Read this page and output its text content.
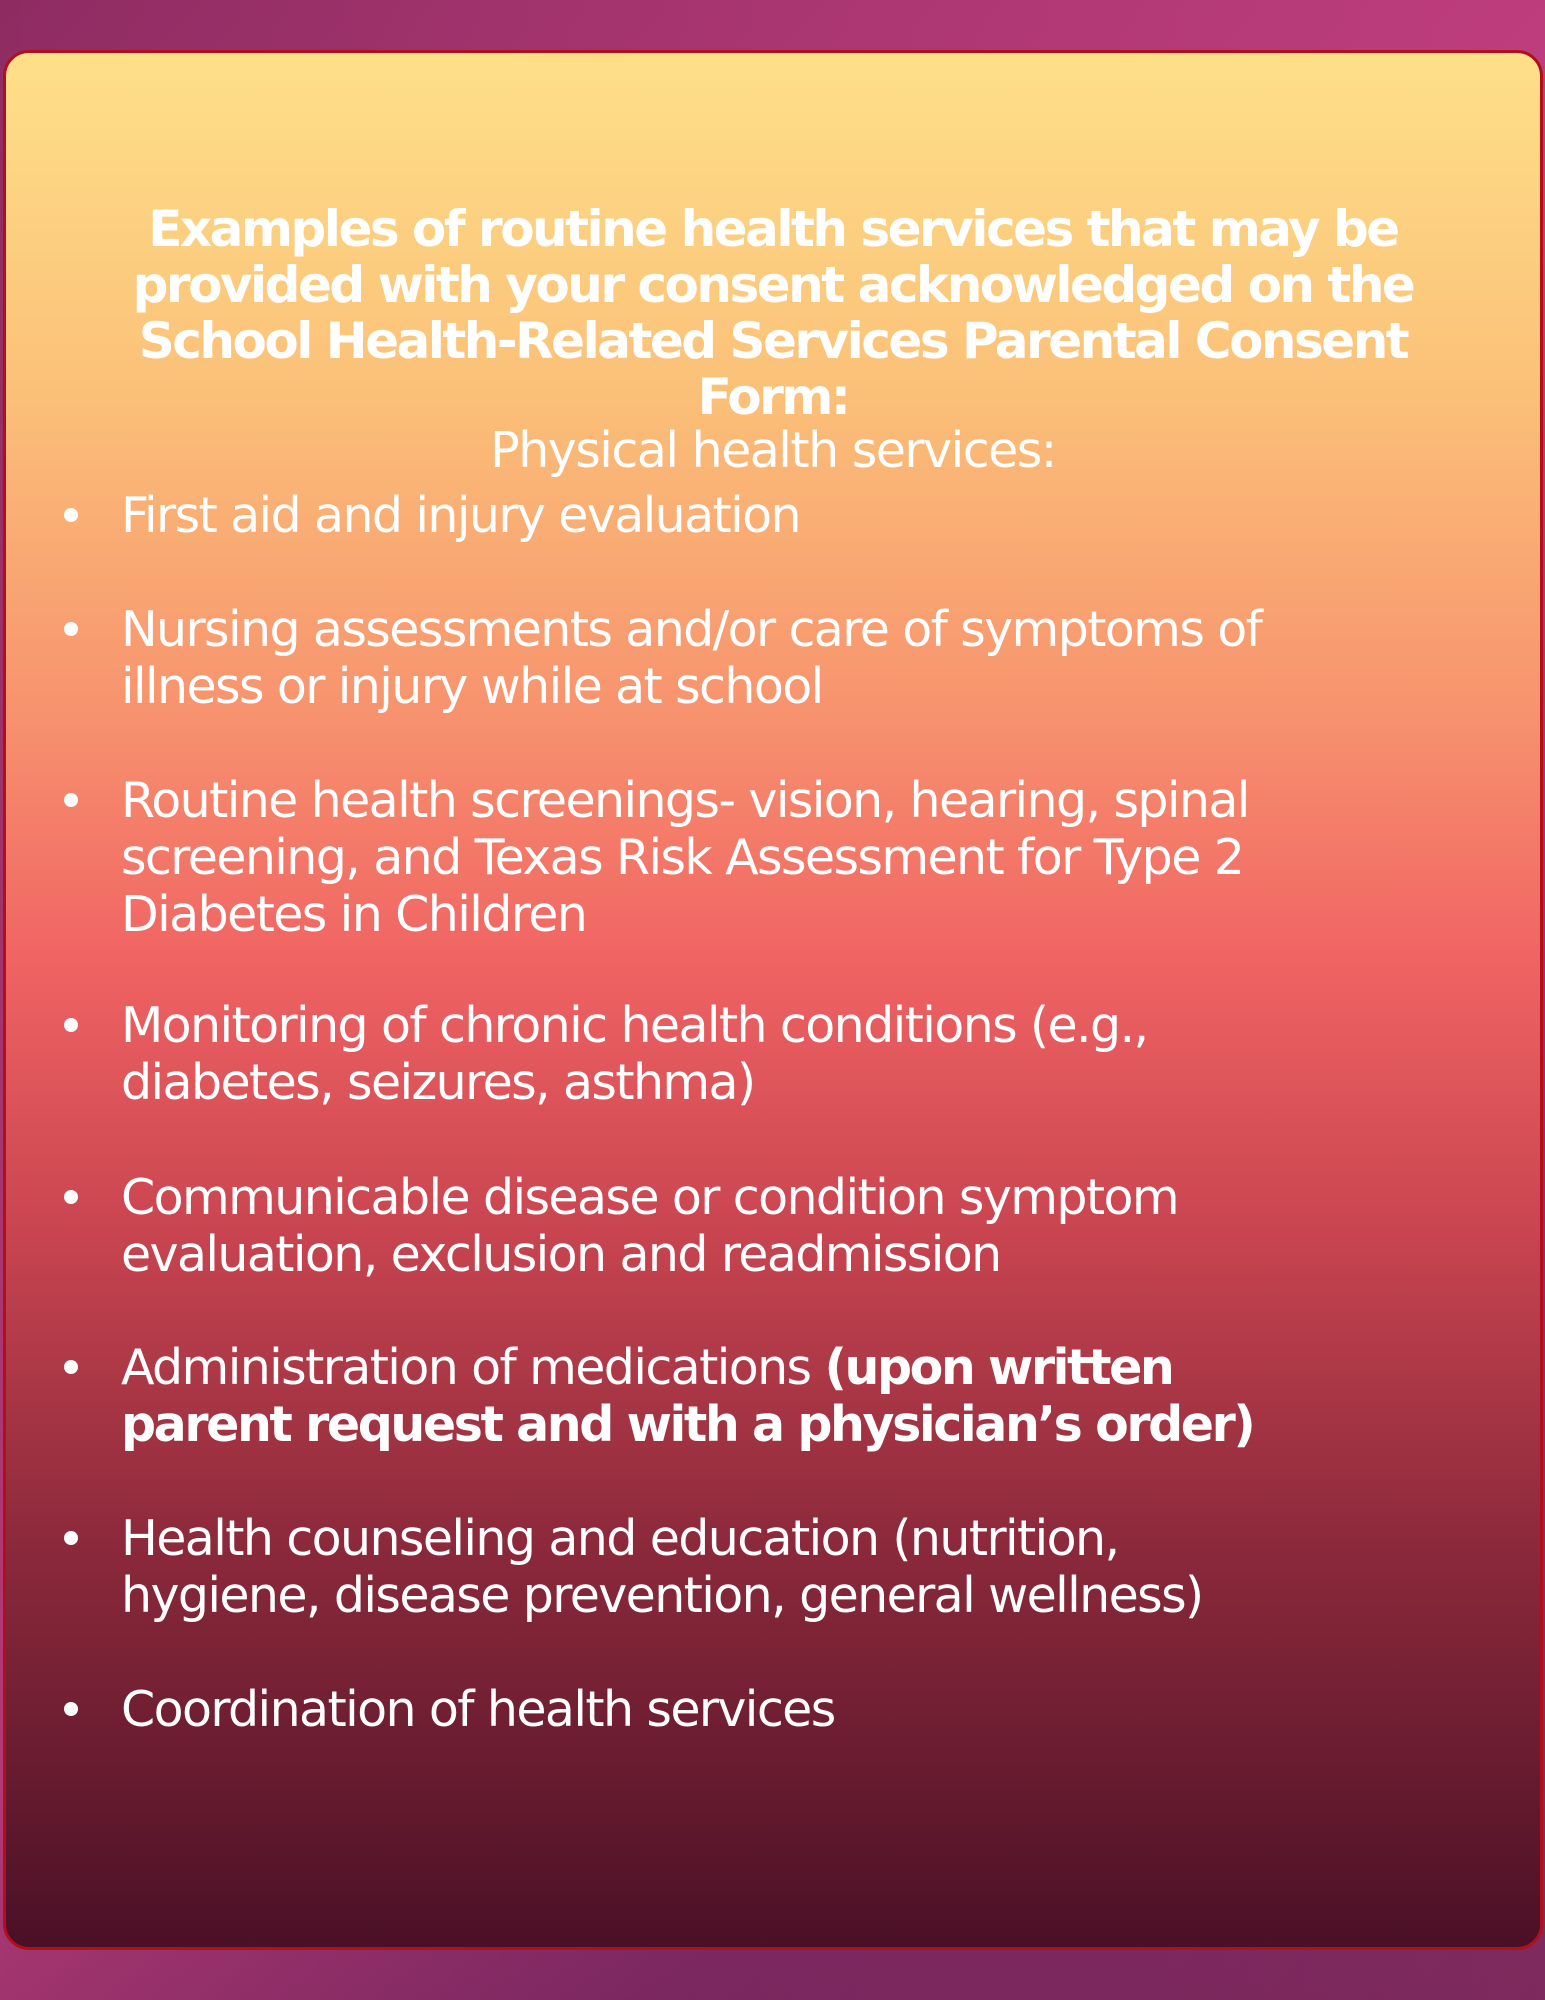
Examples of routine health services that may be
provided with your consent acknowledged on the
School Health-Related Services Parental Consent
Form:
Physical health services:
First aid and injury evaluation
Nursing assessments and/or care of symptoms of
illness or injury while at school
Routine health screenings- vision, hearing, spinal
screening, and Texas Risk Assessment for Type 2
Diabetes in Children
Monitoring of chronic health conditions (e.g.,
diabetes, seizures, asthma)
Communicable disease or condition symptom
evaluation, exclusion and readmission
Administration of medications (upon written
parent request and with a physician’s order)
Health counseling and education (nutrition,
hygiene, disease prevention, general wellness)
Coordination of health services
